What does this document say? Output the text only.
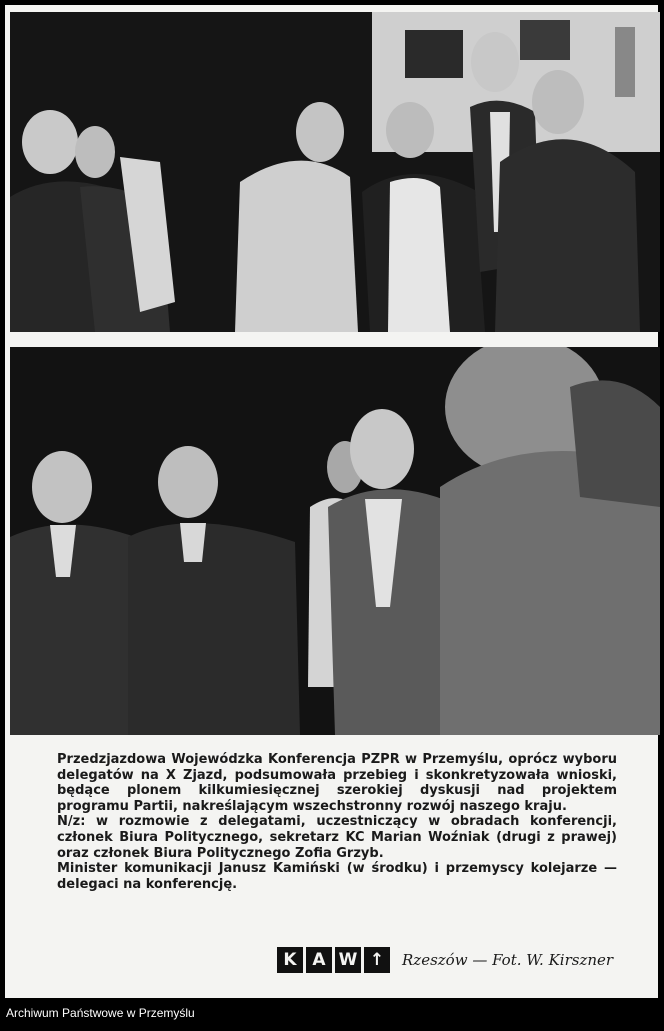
Przedzjazdowa Wojewódzka Konferencja PZPR w Przemyślu, oprócz wyboru delegatów na X Zjazd, podsumowała przebieg i skonkretyzowała wnioski, będące plonem kilkumiesięcznej szerokiej dyskusji nad projektem programu Partii, nakreślającym wszechstronny rozwój naszego kraju.

N/z: w rozmowie z delegatami, uczestniczący w obradach konferencji, członek Biura Politycznego, sekretarz KC Marian Woźniak (drugi z prawej) oraz członek Biura Politycznego Zofia Grzyb.

Minister komunikacji Janusz Kamiński (w środku) i przemyscy kolejarze — delegaci na konferencję.

K A W ↑	Rzeszów — Fot. W. Kirszner
Archiwum Państwowe w Przemyślu
